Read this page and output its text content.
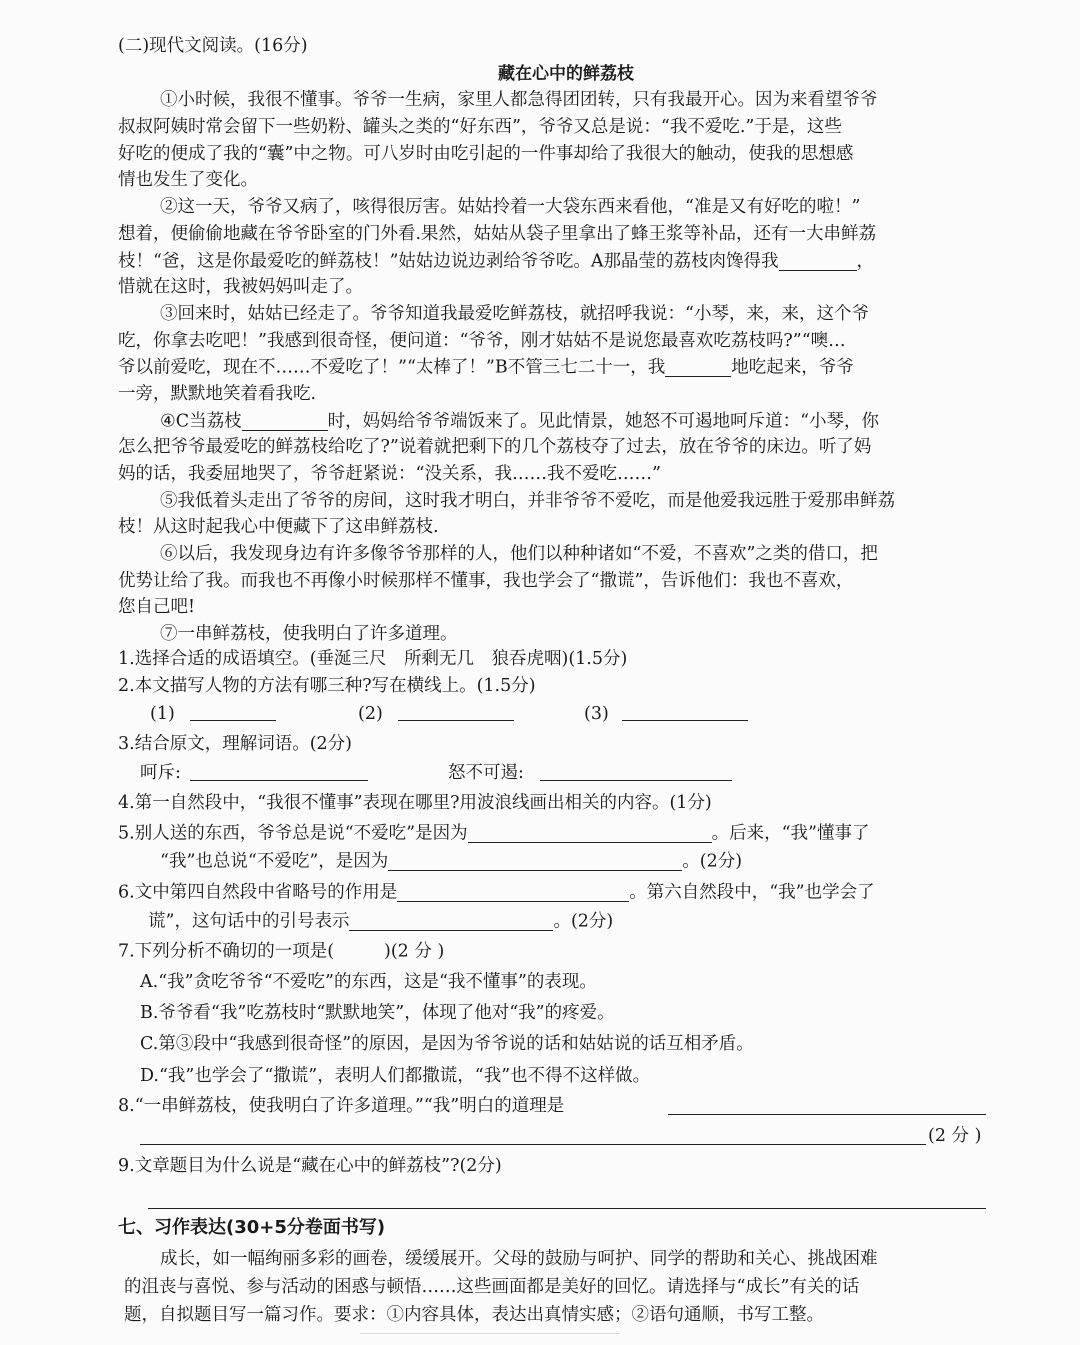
(二)现代文阅读。(16分)
藏在心中的鲜荔枝
①小时候，我很不懂事。爷爷一生病，家里人都急得团团转，只有我最开心。因为来看望爷爷
叔叔阿姨时常会留下一些奶粉、罐头之类的“好东西”，爷爷又总是说：“我不爱吃.”于是，这些
好吃的便成了我的“囊”中之物。可八岁时由吃引起的一件事却给了我很大的触动，使我的思想感
情也发生了变化。
②这一天，爷爷又病了，咳得很厉害。姑姑拎着一大袋东西来看他，“准是又有好吃的啦！”
想着，便偷偷地藏在爷爷卧室的门外看.果然，姑姑从袋子里拿出了蜂王浆等补品，还有一大串鲜荔
枝！“爸，这是你最爱吃的鲜荔枝！”姑姑边说边剥给爷爷吃。A那晶莹的荔枝肉馋得我	，
惜就在这时，我被妈妈叫走了。
③回来时，姑姑已经走了。爷爷知道我最爱吃鲜荔枝，就招呼我说：“小琴，来，来，这个爷
吃，你拿去吃吧！”我感到很奇怪，便问道：“爷爷，刚才姑姑不是说您最喜欢吃荔枝吗?”“噢…
爷以前爱吃，现在不……不爱吃了！”“太棒了！”B不管三七二十一，我	地吃起来，爷爷
一旁，默默地笑着看我吃.
④C当荔枝	时，妈妈给爷爷端饭来了。见此情景，她怒不可遏地呵斥道：“小琴，你
怎么把爷爷最爱吃的鲜荔枝给吃了?”说着就把剩下的几个荔枝夺了过去，放在爷爷的床边。听了妈
妈的话，我委屈地哭了，爷爷赶紧说：“没关系，我……我不爱吃……”
⑤我低着头走出了爷爷的房间，这时我才明白，并非爷爷不爱吃，而是他爱我远胜于爱那串鲜荔
枝！从这时起我心中便藏下了这串鲜荔枝.
⑥以后，我发现身边有许多像爷爷那样的人，他们以种种诸如“不爱，不喜欢”之类的借口，把
优势让给了我。而我也不再像小时候那样不懂事，我也学会了“撒谎”，告诉他们：我也不喜欢，
您自己吧!
⑦一串鲜荔枝，使我明白了许多道理。
1.选择合适的成语填空。(垂涎三尺　所剩无几　狼吞虎咽)(1.5分)
2.本文描写人物的方法有哪三种?写在横线上。(1.5分)
(1)	(2)	(3)
3.结合原文，理解词语。(2分)
呵斥:	怒不可遏:
4.第一自然段中，“我很不懂事”表现在哪里?用波浪线画出相关的内容。(1分)
5.别人送的东西，爷爷总是说“不爱吃”是因为	。后来，“我”懂事了
“我”也总说“不爱吃”，是因为	。(2分)
6.文中第四自然段中省略号的作用是	。第六自然段中，“我”也学会了
谎”，这句话中的引号表示	。(2分)
7.下列分析不确切的一项是(	)(2 分 )
A.“我”贪吃爷爷“不爱吃”的东西，这是“我不懂事”的表现。
B.爷爷看“我”吃荔枝时“默默地笑”，体现了他对“我”的疼爱。
C.第③段中“我感到很奇怪”的原因，是因为爷爷说的话和姑姑说的话互相矛盾。
D.“我”也学会了“撒谎”，表明人们都撒谎，“我”也不得不这样做。
8.“一串鲜荔枝，使我明白了许多道理。”“我”明白的道理是
(2 分 )
9.文章题目为什么说是“藏在心中的鲜荔枝”?(2分)
七、习作表达(30+5分卷面书写)
成长，如一幅绚丽多彩的画卷，缓缓展开。父母的鼓励与呵护、同学的帮助和关心、挑战困难
的沮丧与喜悦、参与活动的困惑与顿悟……这些画面都是美好的回忆。请选择与“成长”有关的话
题，自拟题目写一篇习作。要求：①内容具体，表达出真情实感；②语句通顺，书写工整。
